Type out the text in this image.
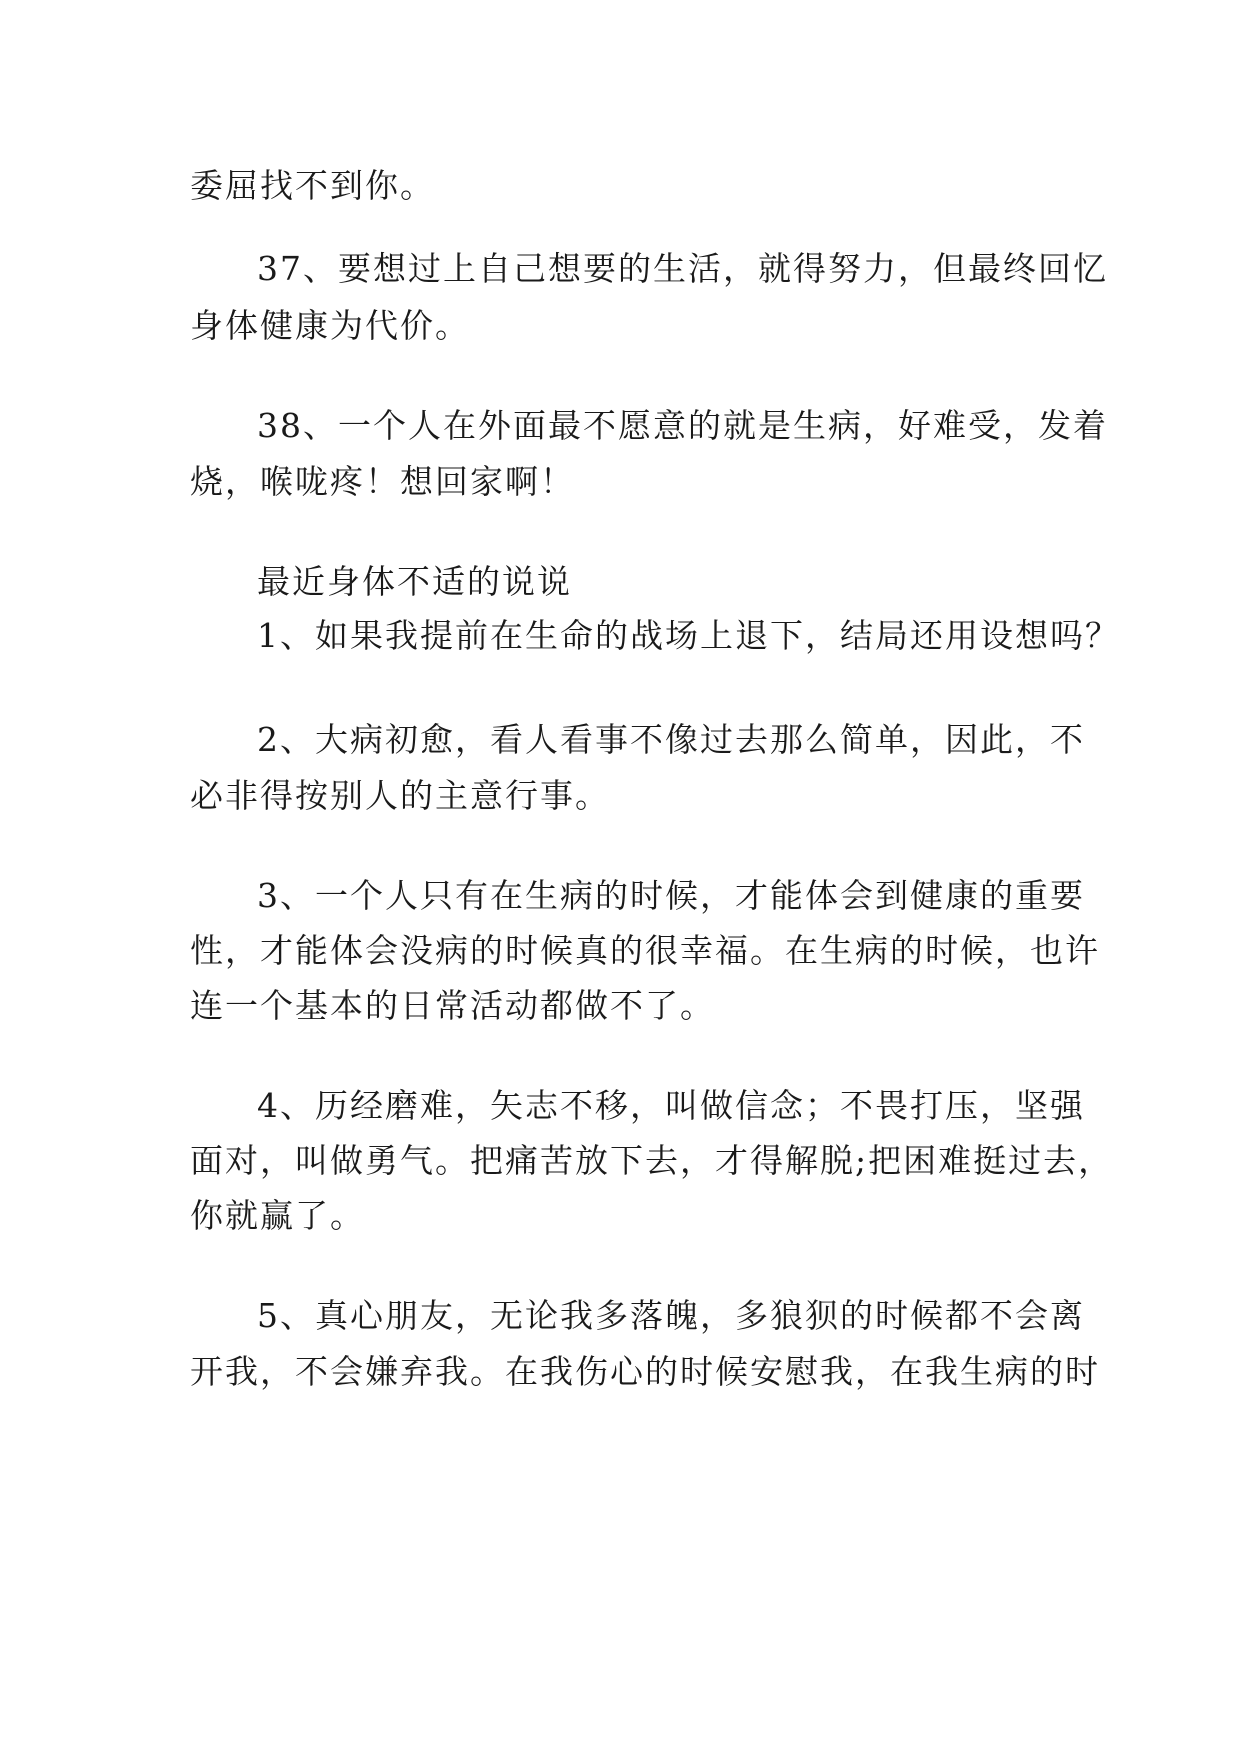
委屈找不到你。

37、要想过上自己想要的生活，就得努力，但最终回忆

身体健康为代价。

38、一个人在外面最不愿意的就是生病，好难受，发着

烧，喉咙疼！想回家啊！

最近身体不适的说说

1、如果我提前在生命的战场上退下，结局还用设想吗？

2、大病初愈，看人看事不像过去那么简单，因此，不

必非得按别人的主意行事。

3、一个人只有在生病的时候，才能体会到健康的重要

性，才能体会没病的时候真的很幸福。在生病的时候，也许

连一个基本的日常活动都做不了。

4、历经磨难，矢志不移，叫做信念；不畏打压，坚强

面对，叫做勇气。把痛苦放下去，才得解脱;把困难挺过去，

你就赢了。

5、真心朋友，无论我多落魄，多狼狈的时候都不会离

开我，不会嫌弃我。在我伤心的时候安慰我，在我生病的时
